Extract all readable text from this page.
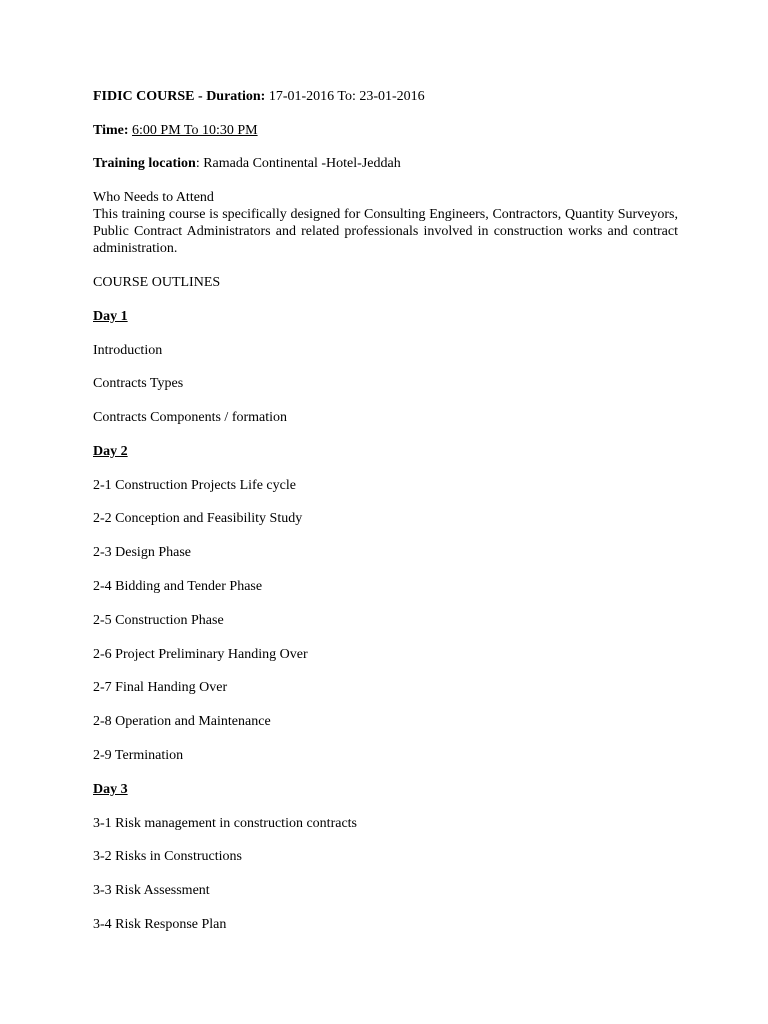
FIDIC COURSE - Duration: 17-01-2016 To: 23-01-2016
Time: 6:00 PM To 10:30 PM
Training location: Ramada Continental -Hotel-Jeddah
Who Needs to Attend
This training course is specifically designed for Consulting Engineers, Contractors, Quantity Surveyors, Public Contract Administrators and related professionals involved in construction works and contract administration.
COURSE OUTLINES
Day 1
Introduction
Contracts Types
Contracts Components / formation
Day 2
2-1 Construction Projects Life cycle
2-2 Conception and Feasibility Study
2-3 Design Phase
2-4 Bidding and Tender Phase
2-5 Construction Phase
2-6 Project Preliminary Handing Over
2-7 Final Handing Over
2-8 Operation and Maintenance
2-9 Termination
Day 3
3-1 Risk management in construction contracts
3-2 Risks in Constructions
3-3 Risk Assessment
3-4 Risk Response Plan
